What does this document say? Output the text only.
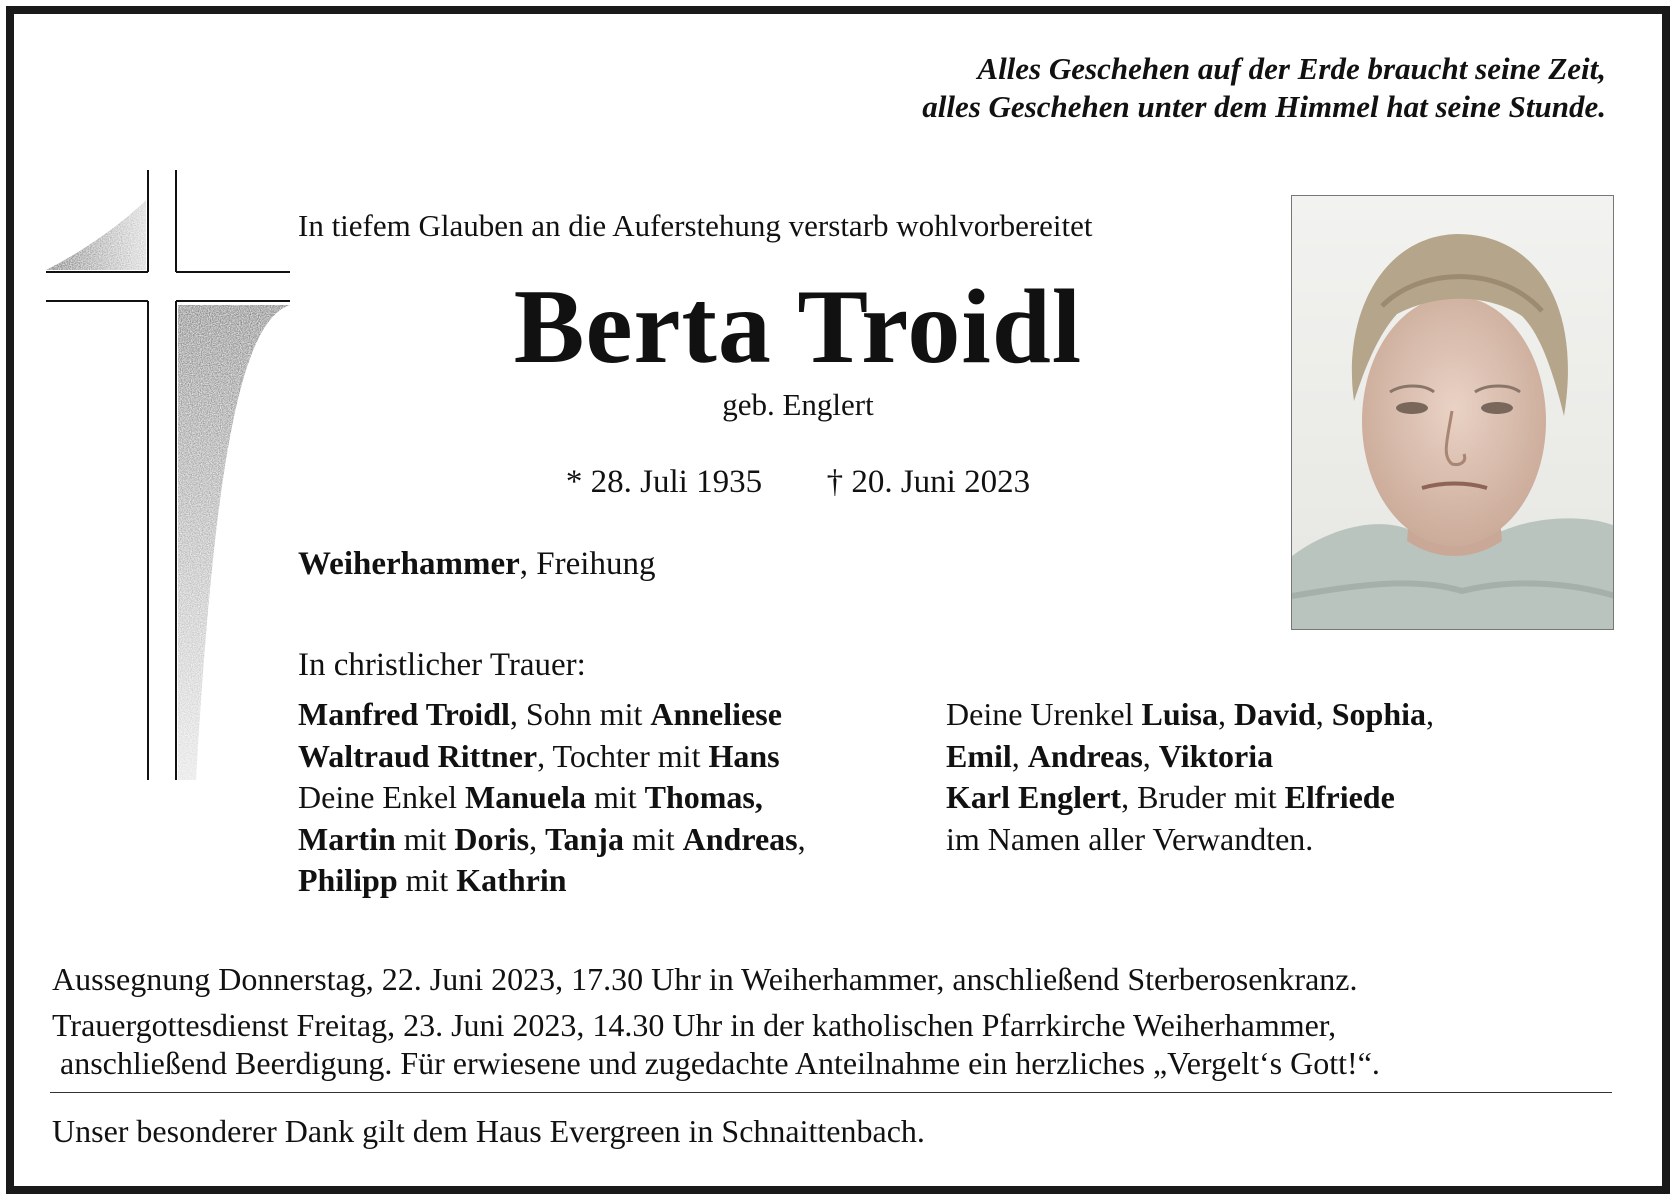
Alles Geschehen auf der Erde braucht seine Zeit,
alles Geschehen unter dem Himmel hat seine Stunde.
In tiefem Glauben an die Auferstehung verstarb wohlvorbereitet
Berta Troidl
geb. Englert
* 28. Juli 1935 † 20. Juni 2023
Weiherhammer, Freihung
In christlicher Trauer:
Manfred Troidl, Sohn mit Anneliese
Waltraud Rittner, Tochter mit Hans
Deine Enkel Manuela mit Thomas,
Martin mit Doris, Tanja mit Andreas,
Philipp mit Kathrin
Deine Urenkel Luisa, David, Sophia,
Emil, Andreas, Viktoria
Karl Englert, Bruder mit Elfriede
im Namen aller Verwandten.
Aussegnung Donnerstag, 22. Juni 2023, 17.30 Uhr in Weiherhammer, anschließend Sterberosenkranz.
Trauergottesdienst Freitag, 23. Juni 2023, 14.30 Uhr in der katholischen Pfarrkirche Weiherhammer,
anschließend Beerdigung. Für erwiesene und zugedachte Anteilnahme ein herzliches „Vergelt‘s Gott!“.
Unser besonderer Dank gilt dem Haus Evergreen in Schnaittenbach.
